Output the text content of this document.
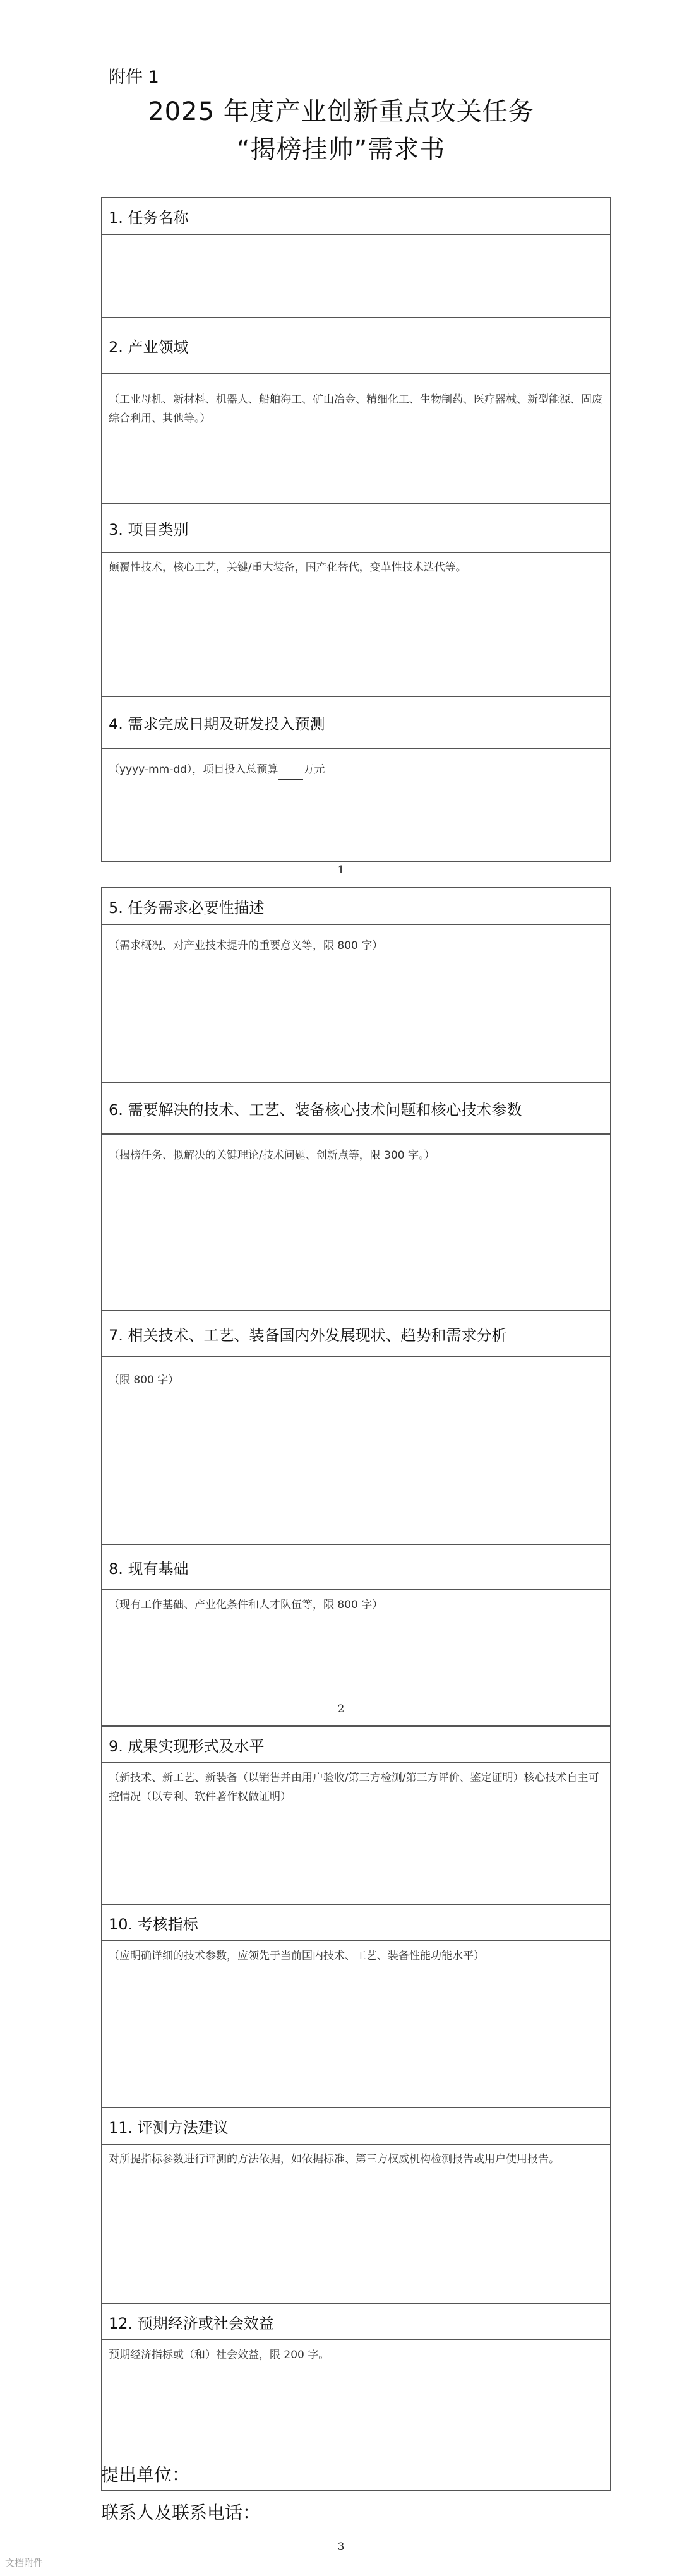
附件 1
2025 年度产业创新重点攻关任务
“揭榜挂帅”需求书
1. 任务名称

2. 产业领域

（工业母机、新材料、机器人、船舶海工、矿山冶金、精细化工、生物制药、医疗器械、新型能源、固废综合利用、其他等。）

3. 项目类别

颠覆性技术，核心工艺，关键/重大装备，国产化替代，变革性技术迭代等。

4. 需求完成日期及研发投入预测

（yyyy-mm-dd），项目投入总预算 万元
1
5. 任务需求必要性描述

（需求概况、对产业技术提升的重要意义等，限 800 字）

6. 需要解决的技术、工艺、装备核心技术问题和核心技术参数

（揭榜任务、拟解决的关键理论/技术问题、创新点等，限 300 字。）

7. 相关技术、工艺、装备国内外发展现状、趋势和需求分析

（限 800 字）

8. 现有基础

（现有工作基础、产业化条件和人才队伍等，限 800 字）
2
9. 成果实现形式及水平

（新技术、新工艺、新装备（以销售并由用户验收/第三方检测/第三方评价、鉴定证明）核心技术自主可控情况（以专利、软件著作权做证明）

10. 考核指标

（应明确详细的技术参数，应领先于当前国内技术、工艺、装备性能功能水平）

11. 评测方法建议

对所提指标参数进行评测的方法依据，如依据标准、第三方权威机构检测报告或用户使用报告。

12. 预期经济或社会效益

预期经济指标或（和）社会效益，限 200 字。
提出单位：
联系人及联系电话：
3
文档附件
